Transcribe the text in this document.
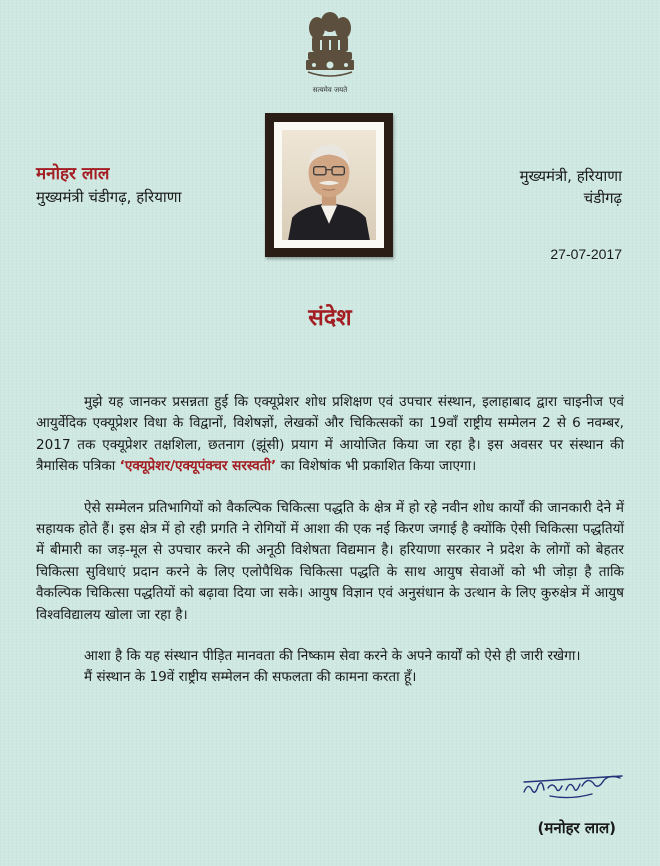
सत्यमेव जयते
मनोहर लाल
मुख्यमंत्री चंडीगढ़, हरियाणा
मुख्यमंत्री, हरियाणा
चंडीगढ़
27-07-2017
संदेश

मुझे यह जानकर प्रसन्नता हुई कि एक्यूप्रेशर शोध प्रशिक्षण एवं उपचार संस्थान, इलाहाबाद द्वारा चाइनीज एवं आयुर्वेदिक एक्यूप्रेशर विधा के विद्वानों, विशेषज्ञों, लेखकों और चिकित्सकों का 19वाँ राष्ट्रीय सम्मेलन 2 से 6 नवम्बर, 2017 तक एक्यूप्रेशर तक्षशिला, छतनाग (झूंसी) प्रयाग में आयोजित किया जा रहा है। इस अवसर पर संस्थान की त्रैमासिक पत्रिका ‘एक्यूप्रेशर/एक्यूपंक्चर सरस्वती’ का विशेषांक भी प्रकाशित किया जाएगा।

ऐसे सम्मेलन प्रतिभागियों को वैकल्पिक चिकित्सा पद्धति के क्षेत्र में हो रहे नवीन शोध कार्यों की जानकारी देने में सहायक होते हैं। इस क्षेत्र में हो रही प्रगति ने रोगियों में आशा की एक नई किरण जगाई है क्योंकि ऐसी चिकित्सा पद्धतियों में बीमारी का जड़-मूल से उपचार करने की अनूठी विशेषता विद्यमान है। हरियाणा सरकार ने प्रदेश के लोगों को बेहतर चिकित्सा सुविधाएं प्रदान करने के लिए एलोपैथिक चिकित्सा पद्धति के साथ आयुष सेवाओं को भी जोड़ा है ताकि वैकल्पिक चिकित्सा पद्धतियों को बढ़ावा दिया जा सके। आयुष विज्ञान एवं अनुसंधान के उत्थान के लिए कुरुक्षेत्र में आयुष विश्वविद्यालय खोला जा रहा है।

आशा है कि यह संस्थान पीड़ित मानवता की निष्काम सेवा करने के अपने कार्यों को ऐसे ही जारी रखेगा।

मैं संस्थान के 19वें राष्ट्रीय सम्मेलन की सफलता की कामना करता हूँ।

(मनोहर लाल)
